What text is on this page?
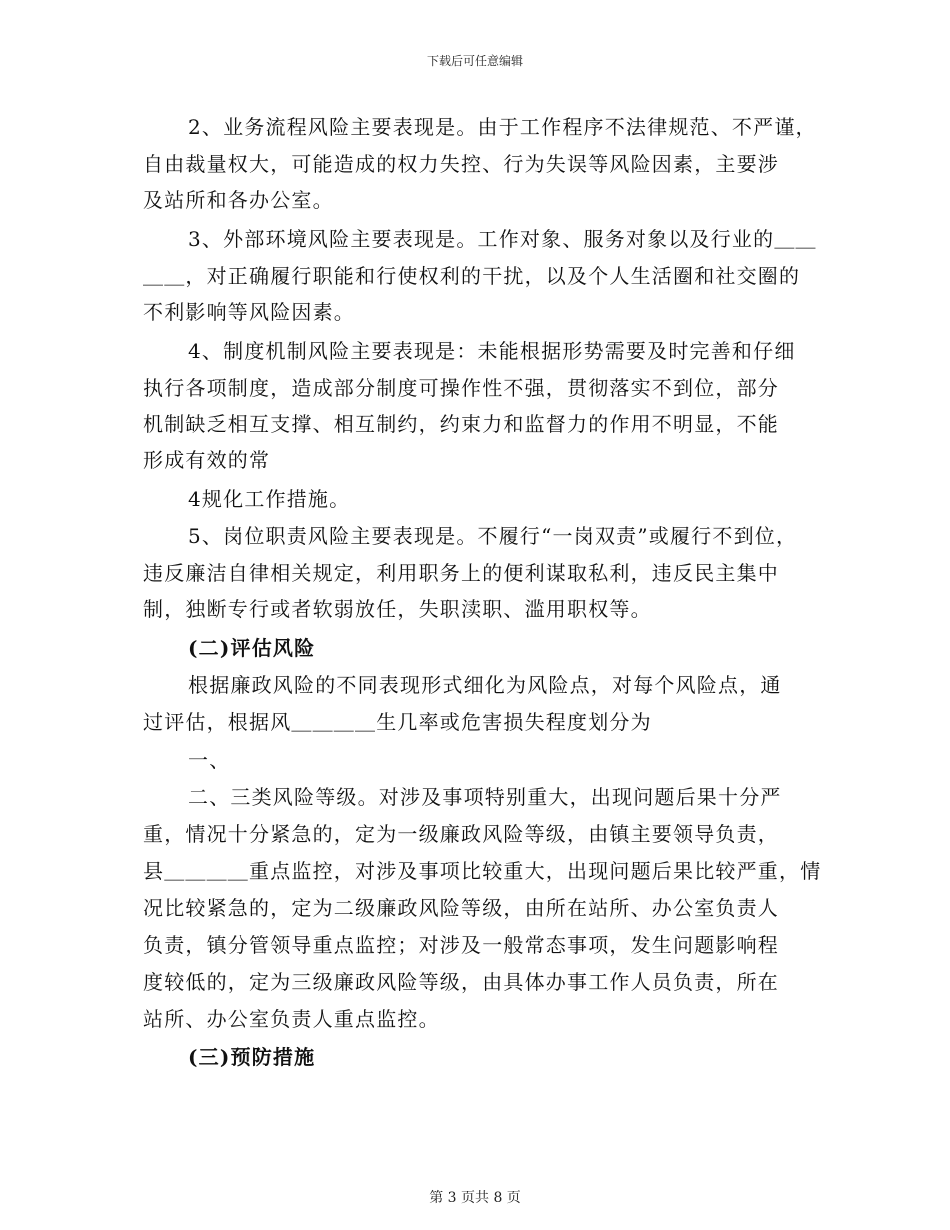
下载后可任意编辑
2、业务流程风险主要表现是。由于工作程序不法律规范、不严谨，
自由裁量权大，可能造成的权力失控、行为失误等风险因素，主要涉
及站所和各办公室。
3、外部环境风险主要表现是。工作对象、服务对象以及行业的＿＿
＿＿，对正确履行职能和行使权利的干扰，以及个人生活圈和社交圈的
不利影响等风险因素。
4、制度机制风险主要表现是：未能根据形势需要及时完善和仔细
执行各项制度，造成部分制度可操作性不强，贯彻落实不到位，部分
机制缺乏相互支撑、相互制约，约束力和监督力的作用不明显，不能
形成有效的常
4规化工作措施。
5、岗位职责风险主要表现是。不履行“一岗双责”或履行不到位，
违反廉洁自律相关规定，利用职务上的便利谋取私利，违反民主集中
制，独断专行或者软弱放任，失职渎职、滥用职权等。
(二)评估风险
根据廉政风险的不同表现形式细化为风险点，对每个风险点，通
过评估，根据风＿＿＿＿生几率或危害损失程度划分为
一、
二、三类风险等级。对涉及事项特别重大，出现问题后果十分严
重，情况十分紧急的，定为一级廉政风险等级，由镇主要领导负责，
县＿＿＿＿重点监控，对涉及事项比较重大，出现问题后果比较严重，情
况比较紧急的，定为二级廉政风险等级，由所在站所、办公室负责人
负责，镇分管领导重点监控；对涉及一般常态事项，发生问题影响程
度较低的，定为三级廉政风险等级，由具体办事工作人员负责，所在
站所、办公室负责人重点监控。
(三)预防措施
第 3 页共 8 页
